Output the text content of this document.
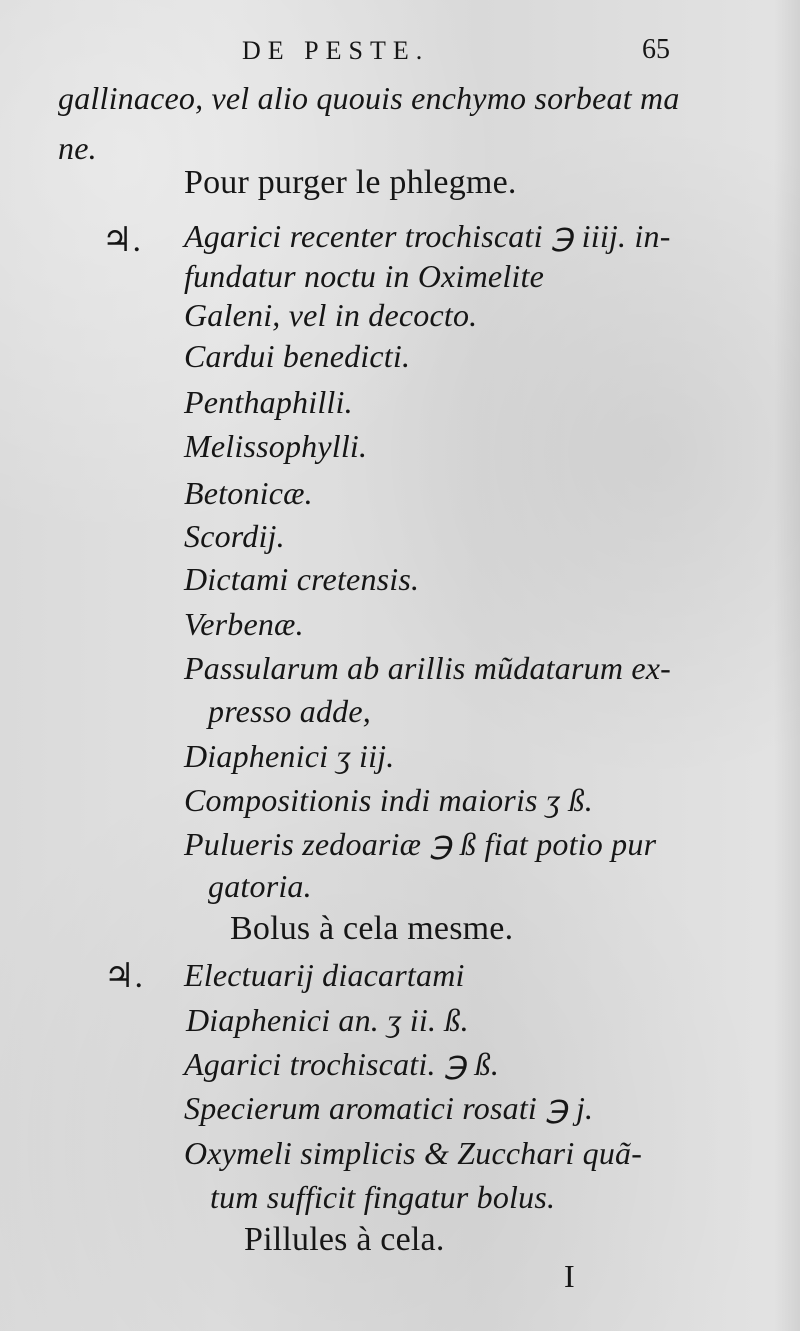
DE PESTE.	65
gallinaceo, vel alio quouis enchymo sorbeat ma
ne.
Pour purger le phlegme.
♃. Agarici recenter trochiscati ℈ iiij. in-
fundatur noctu in Oximelite
Galeni, vel in decocto.
Cardui benedicti.
Penthaphilli.
Melissophylli.
Betonicæ.
Scordij.
Dictami cretensis.
Verbenæ.
Passularum ab arillis mũdatarum ex-
presso adde,
Diaphenici ʒ iij.
Compositionis indi maioris ʒ ß.
Pulueris zedoariæ ℈ ß fiat potio pur
gatoria.
Bolus à cela mesme.
♃. Electuarij diacartami
Diaphenici an. ʒ ii. ß.
Agarici trochiscati. ℈ ß.
Specierum aromatici rosati ℈ j.
Oxymeli simplicis & Zucchari quã-
tum sufficit fingatur bolus.
Pillules à cela.
I
